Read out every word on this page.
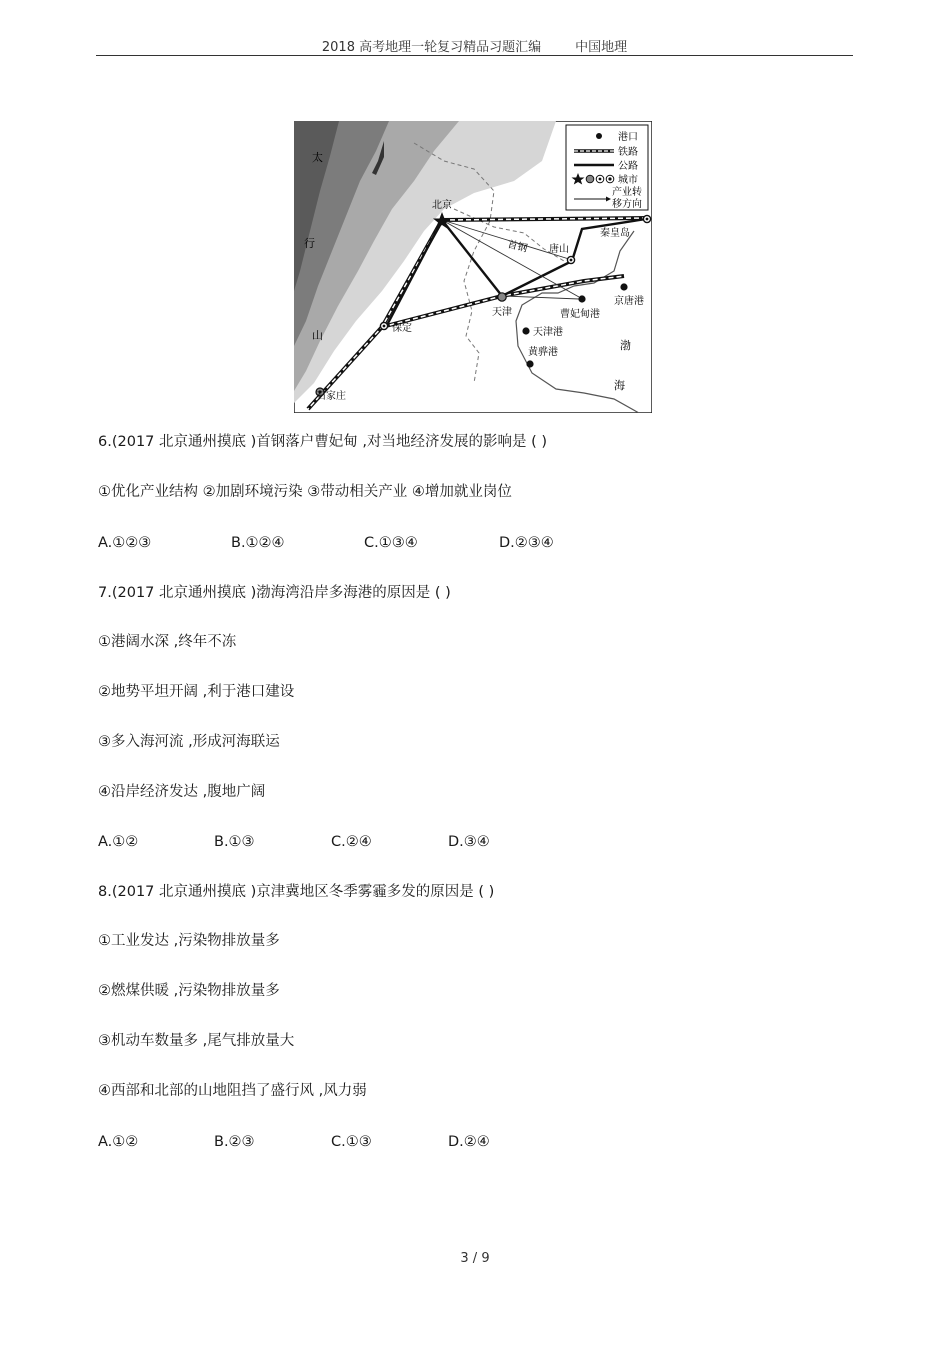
2018 高考地理一轮复习精品习题汇编	中国地理
渤
海
太
行
山
北京
秦皇岛
首钢 唐山
天津
京唐港
曹妃甸港
保定	天津港
黄骅港
石家庄
港口
铁路
公路
城市
产业转
移方向
6.(2017 北京通州摸底 )首钢落户曹妃甸 ,对当地经济发展的影响是 ( )
①优化产业结构 ②加剧环境污染 ③带动相关产业 ④增加就业岗位
A.①②③	B.①②④	C.①③④	D.②③④
7.(2017 北京通州摸底 )渤海湾沿岸多海港的原因是 ( )
①港阔水深 ,终年不冻
②地势平坦开阔 ,利于港口建设
③多入海河流 ,形成河海联运
④沿岸经济发达 ,腹地广阔
A.①②	B.①③	C.②④	D.③④
8.(2017 北京通州摸底 )京津冀地区冬季雾霾多发的原因是 ( )
①工业发达 ,污染物排放量多
②燃煤供暖 ,污染物排放量多
③机动车数量多 ,尾气排放量大
④西部和北部的山地阻挡了盛行风 ,风力弱
A.①②	B.②③	C.①③	D.②④
3 / 9
